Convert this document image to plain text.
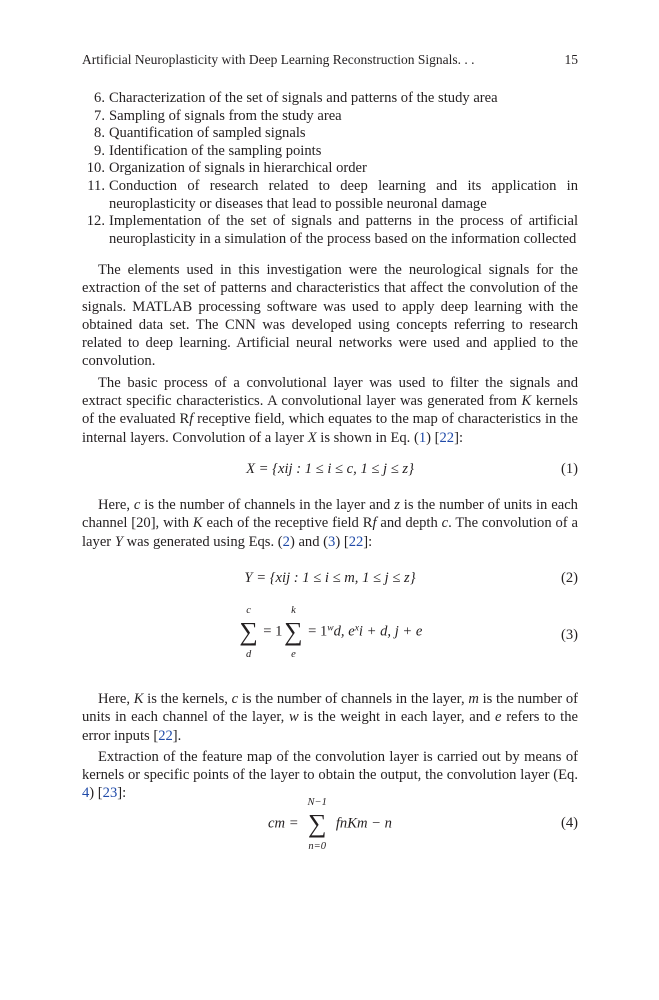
Artificial Neuroplasticity with Deep Learning Reconstruction Signals. . .	15
6. Characterization of the set of signals and patterns of the study area
7. Sampling of signals from the study area
8. Quantification of sampled signals
9. Identification of the sampling points
10. Organization of signals in hierarchical order
11. Conduction of research related to deep learning and its application in neuroplasticity or diseases that lead to possible neuronal damage
12. Implementation of the set of signals and patterns in the process of artificial neuroplasticity in a simulation of the process based on the information collected

The elements used in this investigation were the neurological signals for the extraction of the set of patterns and characteristics that affect the convolution of the signals. MATLAB processing software was used to apply deep learning with the obtained data set. The CNN was developed using concepts referring to research related to deep learning. Artificial neural networks were used and applied to the convolution.

The basic process of a convolutional layer was used to filter the signals and extract specific characteristics. A convolutional layer was generated from K kernels of the evaluated Rf receptive field, which equates to the map of characteristics in the internal layers. Convolution of a layer X is shown in Eq. (1) [22]:

X = {xij : 1 ≤ i ≤ c, 1 ≤ j ≤ z}	(1)

Here, c is the number of channels in the layer and z is the number of units in each channel [20], with K each of the receptive field Rf and depth c. The convolution of a layer Y was generated using Eqs. (2) and (3) [22]:

Y = {xij : 1 ≤ i ≤ m, 1 ≤ j ≤ z}	(2)
c
∑
d
= 1
k
∑
e
= $1^wd$, $e^xi + d$, j + e	(3)

Here, K is the kernels, c is the number of channels in the layer, m is the number of units in each channel of the layer, w is the weight in each layer, and e refers to the error inputs [22].

Extraction of the feature map of the convolution layer is carried out by means of kernels or specific points of the layer to obtain the output, the convolution layer (Eq. 4) [23]:

cm =
N−1
∑
n=0
fnKm − n	(4)
